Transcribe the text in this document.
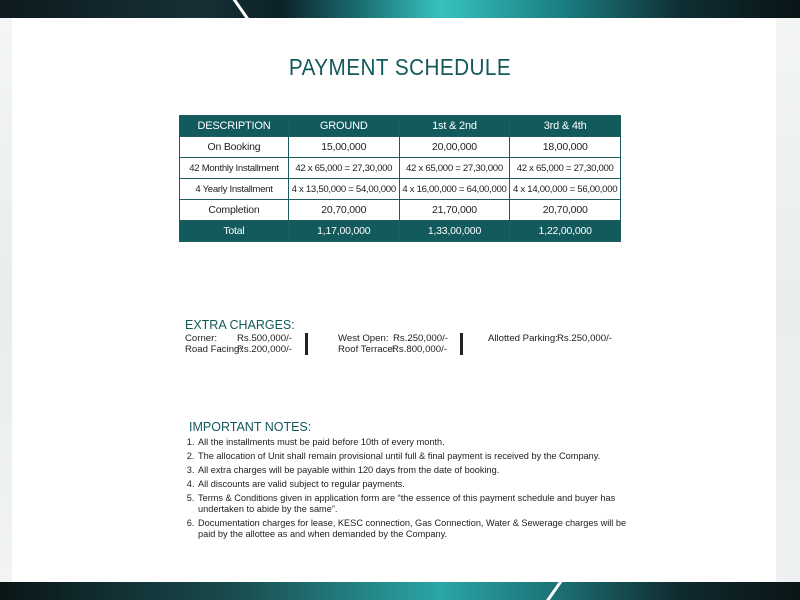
PAYMENT SCHEDULE
DESCRIPTION	GROUND	1st & 2nd	3rd & 4th
On Booking	15,00,000	20,00,000	18,00,000
42 Monthly Installment	42 x 65,000 = 27,30,000	42 x 65,000 = 27,30,000	42 x 65,000 = 27,30,000
4 Yearly Installment	4 x 13,50,000 = 54,00,000	4 x 16,00,000 = 64,00,000	4 x 14,00,000 = 56,00,000
Completion	20,70,000	21,70,000	20,70,000
Total	1,17,00,000	1,33,00,000	1,22,00,000
EXTRA CHARGES:
Corner: Rs.500,000/-
Road Facing:
Rs.200,000/-
West Open: Rs.250,000/-
Roof Terrace:
Rs.800,000/-
Allotted Parking: Rs.250,000/-
IMPORTANT NOTES:
1. All the installments must be paid before 10th of every month.
2. The allocation of Unit shall remain provisional until full & final payment is received by the Company.
3. All extra charges will be payable within 120 days from the date of booking.
4. All discounts are valid subject to regular payments.
5. Terms & Conditions given in application form are “the essence of this payment schedule and buyer has undertaken to abide by the same”.
6. Documentation charges for lease, KESC connection, Gas Connection, Water & Sewerage charges will be paid by the allottee as and when demanded by the Company.
